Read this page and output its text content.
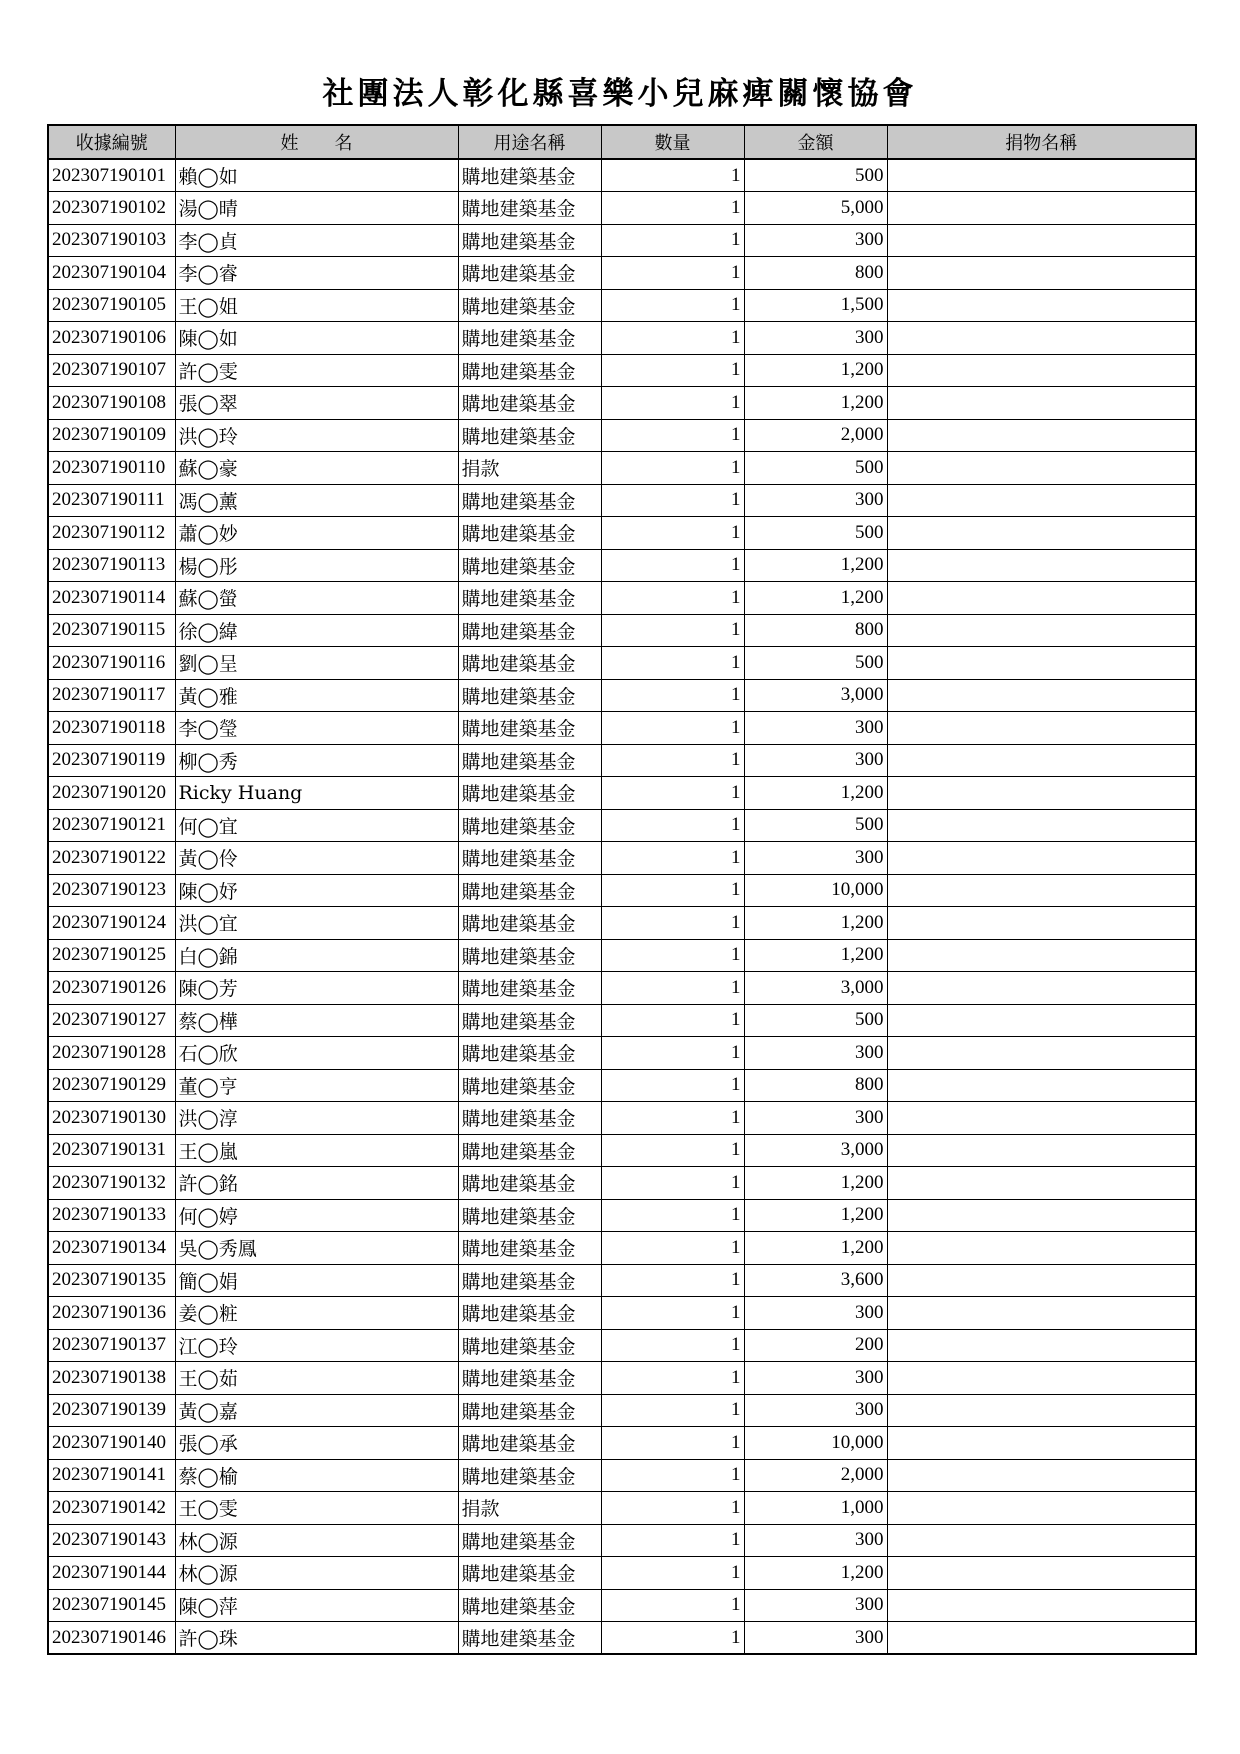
社團法人彰化縣喜樂小兒麻痺關懷協會
收據編號	姓　　名	用途名稱	數量	金額	捐物名稱
202307190101	賴◯如	購地建築基金	1	500	
202307190102	湯◯晴	購地建築基金	1	5,000	
202307190103	李◯貞	購地建築基金	1	300	
202307190104	李◯睿	購地建築基金	1	800	
202307190105	王◯姐	購地建築基金	1	1,500	
202307190106	陳◯如	購地建築基金	1	300	
202307190107	許◯雯	購地建築基金	1	1,200	
202307190108	張◯翠	購地建築基金	1	1,200	
202307190109	洪◯玲	購地建築基金	1	2,000	
202307190110	蘇◯豪	捐款	1	500	
202307190111	馮◯薰	購地建築基金	1	300	
202307190112	蕭◯妙	購地建築基金	1	500	
202307190113	楊◯彤	購地建築基金	1	1,200	
202307190114	蘇◯螢	購地建築基金	1	1,200	
202307190115	徐◯緯	購地建築基金	1	800	
202307190116	劉◯呈	購地建築基金	1	500	
202307190117	黃◯雅	購地建築基金	1	3,000	
202307190118	李◯瑩	購地建築基金	1	300	
202307190119	柳◯秀	購地建築基金	1	300	
202307190120	Ricky Huang	購地建築基金	1	1,200	
202307190121	何◯宜	購地建築基金	1	500	
202307190122	黃◯伶	購地建築基金	1	300	
202307190123	陳◯妤	購地建築基金	1	10,000	
202307190124	洪◯宜	購地建築基金	1	1,200	
202307190125	白◯錦	購地建築基金	1	1,200	
202307190126	陳◯芳	購地建築基金	1	3,000	
202307190127	蔡◯樺	購地建築基金	1	500	
202307190128	石◯欣	購地建築基金	1	300	
202307190129	董◯亨	購地建築基金	1	800	
202307190130	洪◯淳	購地建築基金	1	300	
202307190131	王◯嵐	購地建築基金	1	3,000	
202307190132	許◯銘	購地建築基金	1	1,200	
202307190133	何◯婷	購地建築基金	1	1,200	
202307190134	吳◯秀鳳	購地建築基金	1	1,200	
202307190135	簡◯娟	購地建築基金	1	3,600	
202307190136	姜◯粧	購地建築基金	1	300	
202307190137	江◯玲	購地建築基金	1	200	
202307190138	王◯茹	購地建築基金	1	300	
202307190139	黃◯嘉	購地建築基金	1	300	
202307190140	張◯承	購地建築基金	1	10,000	
202307190141	蔡◯榆	購地建築基金	1	2,000	
202307190142	王◯雯	捐款	1	1,000	
202307190143	林◯源	購地建築基金	1	300	
202307190144	林◯源	購地建築基金	1	1,200	
202307190145	陳◯萍	購地建築基金	1	300	
202307190146	許◯珠	購地建築基金	1	300	
